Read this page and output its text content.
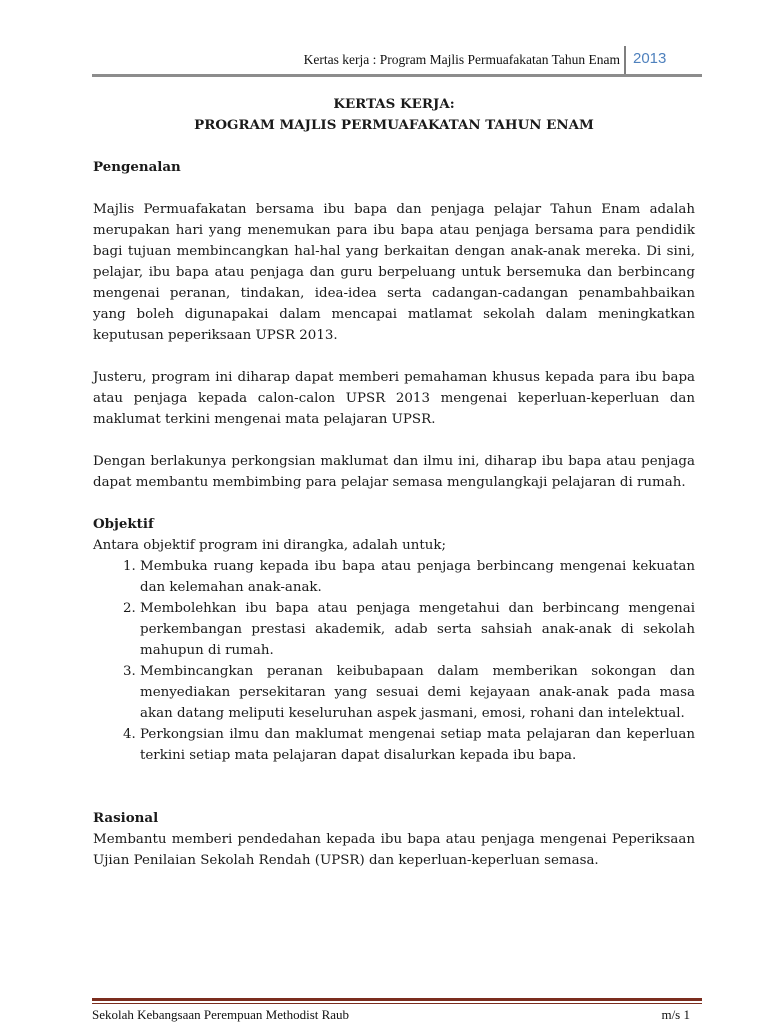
Kertas kerja : Program Majlis Permuafakatan Tahun Enam 2013
KERTAS KERJA:
PROGRAM MAJLIS PERMUAFAKATAN TAHUN ENAM
Pengenalan

Majlis Permuafakatan bersama ibu bapa dan penjaga pelajar Tahun Enam adalah merupakan hari yang menemukan para ibu bapa atau penjaga bersama para pendidik bagi tujuan membincangkan hal-hal yang berkaitan dengan anak-anak mereka. Di sini, pelajar, ibu bapa atau penjaga dan guru berpeluang untuk bersemuka dan berbincang mengenai peranan, tindakan, idea-idea serta cadangan-cadangan penambahbaikan yang boleh digunapakai dalam mencapai matlamat sekolah dalam meningkatkan keputusan peperiksaan UPSR 2013.

Justeru, program ini diharap dapat memberi pemahaman khusus kepada para ibu bapa atau penjaga kepada calon-calon UPSR 2013 mengenai keperluan-keperluan dan maklumat terkini mengenai mata pelajaran UPSR.

Dengan berlakunya perkongsian maklumat dan ilmu ini, diharap ibu bapa atau penjaga dapat membantu membimbing para pelajar semasa mengulangkaji pelajaran di rumah.

Objektif

Antara objektif program ini dirangka, adalah untuk;

1. Membuka ruang kepada ibu bapa atau penjaga berbincang mengenai kekuatan dan kelemahan anak-anak.
2. Membolehkan ibu bapa atau penjaga mengetahui dan berbincang mengenai perkembangan prestasi akademik, adab serta sahsiah anak-anak di sekolah mahupun di rumah.
3. Membincangkan peranan keibubapaan dalam memberikan sokongan dan menyediakan persekitaran yang sesuai demi kejayaan anak-anak pada masa akan datang meliputi keseluruhan aspek jasmani, emosi, rohani dan intelektual.
4. Perkongsian ilmu dan maklumat mengenai setiap mata pelajaran dan keperluan terkini setiap mata pelajaran dapat disalurkan kepada ibu bapa.
Rasional

Membantu memberi pendedahan kepada ibu bapa atau penjaga mengenai Peperiksaan Ujian Penilaian Sekolah Rendah (UPSR) dan keperluan-keperluan semasa.

Sekolah Kebangsaan Perempuan Methodist Raub	m/s 1
